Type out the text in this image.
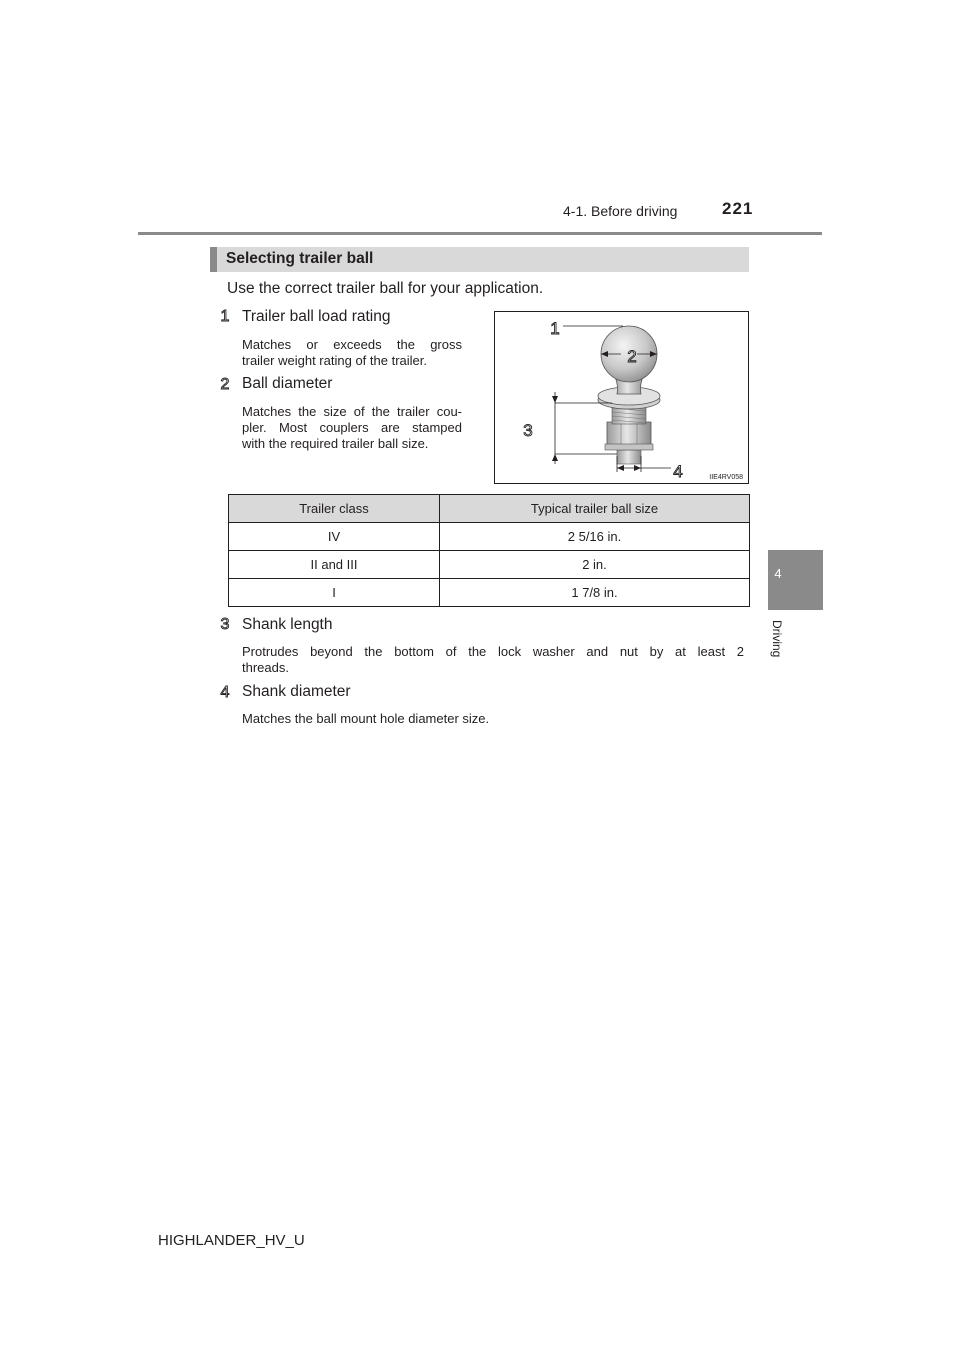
4-1. Before driving	221
4
Driving
Selecting trailer ball
Use the correct trailer ball for your application.
1 Trailer ball load rating
Matches or exceeds the gross
trailer weight rating of the trailer.
2 Ball diameter
Matches the size of the trailer cou-
pler. Most couplers are stamped
with the required trailer ball size.
1
2
3
4	IIE4RV058
Trailer class	Typical trailer ball size
IV	2 5/16 in.
II and III	2 in.
I	1 7/8 in.
3 Shank length
Protrudes beyond the bottom of the lock washer and nut by at least 2
threads.
4 Shank diameter
Matches the ball mount hole diameter size.
HIGHLANDER_HV_U
